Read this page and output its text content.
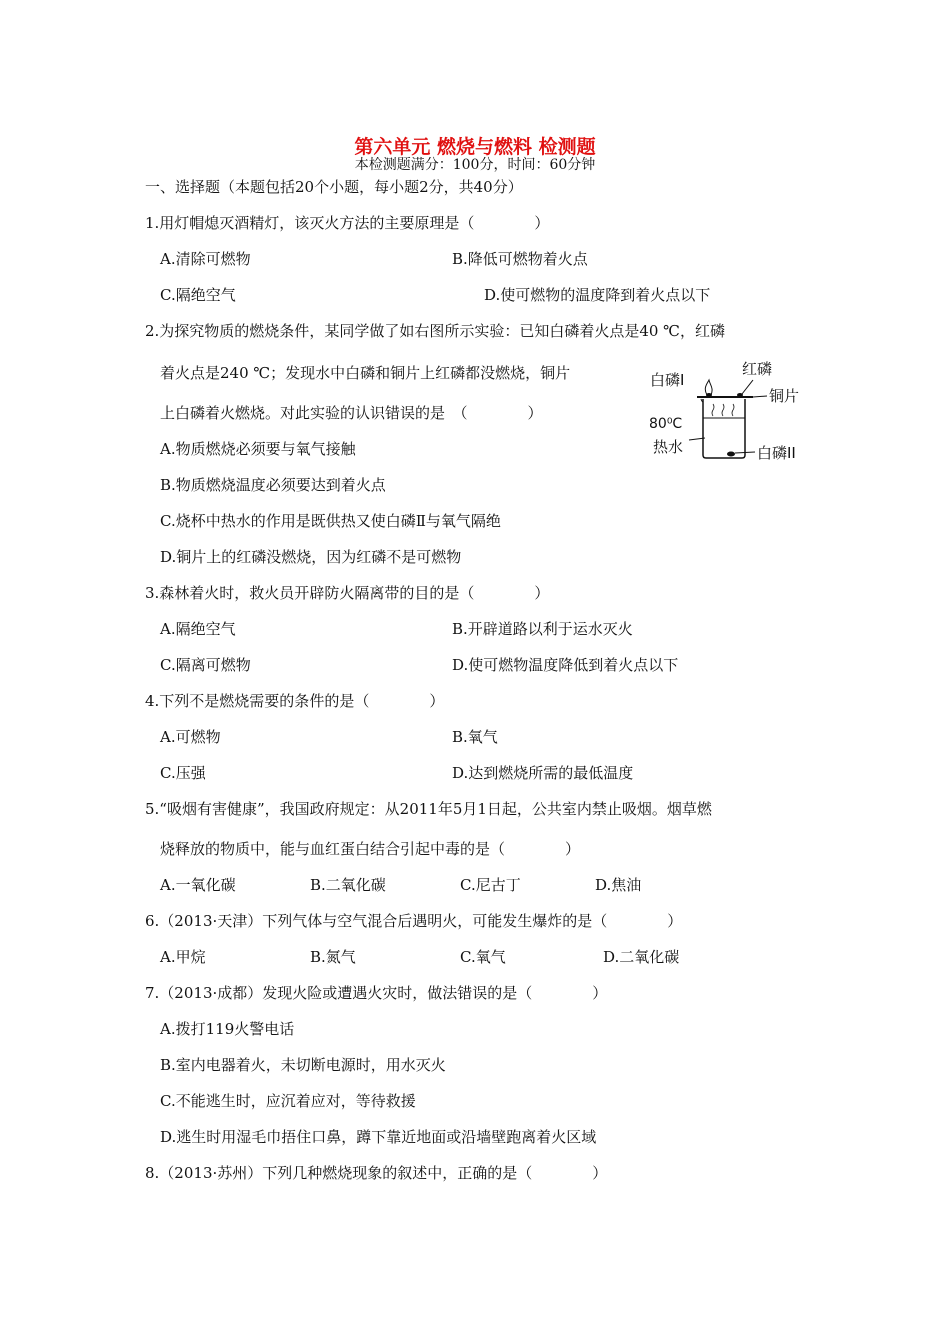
第六单元 燃烧与燃料 检测题
本检测题满分：100分，时间：60分钟
一、选择题（本题包括20个小题，每小题2分，共40分）
1.用灯帽熄灭酒精灯，该灭火方法的主要原理是（　　　　）
A.清除可燃物	B.降低可燃物着火点
C.隔绝空气	D.使可燃物的温度降到着火点以下
2.为探究物质的燃烧条件，某同学做了如右图所示实验：已知白磷着火点是40 ℃，红磷
着火点是240 ℃；发现水中白磷和铜片上红磷都没燃烧，铜片
上白磷着火燃烧。对此实验的认识错误的是　（　　　　）
A.物质燃烧必须要与氧气接触
B.物质燃烧温度必须要达到着火点
C.烧杯中热水的作用是既供热又使白磷Ⅱ与氧气隔绝
D.铜片上的红磷没燃烧，因为红磷不是可燃物
红磷
白磷I
铜片
80⁰C
热水	白磷II
3.森林着火时，救火员开辟防火隔离带的目的是（　　　　）
A.隔绝空气	B.开辟道路以利于运水灭火
C.隔离可燃物	D.使可燃物温度降低到着火点以下
4.下列不是燃烧需要的条件的是（　　　　）
A.可燃物	B.氧气
C.压强	D.达到燃烧所需的最低温度
5.“吸烟有害健康”，我国政府规定：从2011年5月1日起，公共室内禁止吸烟。烟草燃
烧释放的物质中，能与血红蛋白结合引起中毒的是（　　　　）
A.一氧化碳	B.二氧化碳	C.尼古丁	D.焦油
6.（2013·天津）下列气体与空气混合后遇明火，可能发生爆炸的是（　　　　）
A.甲烷	B.氮气	C.氧气	D.二氧化碳
7.（2013·成都）发现火险或遭遇火灾时，做法错误的是（　　　　）
A.拨打119火警电话
B.室内电器着火，未切断电源时，用水灭火
C.不能逃生时，应沉着应对，等待救援
D.逃生时用湿毛巾捂住口鼻，蹲下靠近地面或沿墙壁跑离着火区域
8.（2013·苏州）下列几种燃烧现象的叙述中，正确的是（　　　　）
